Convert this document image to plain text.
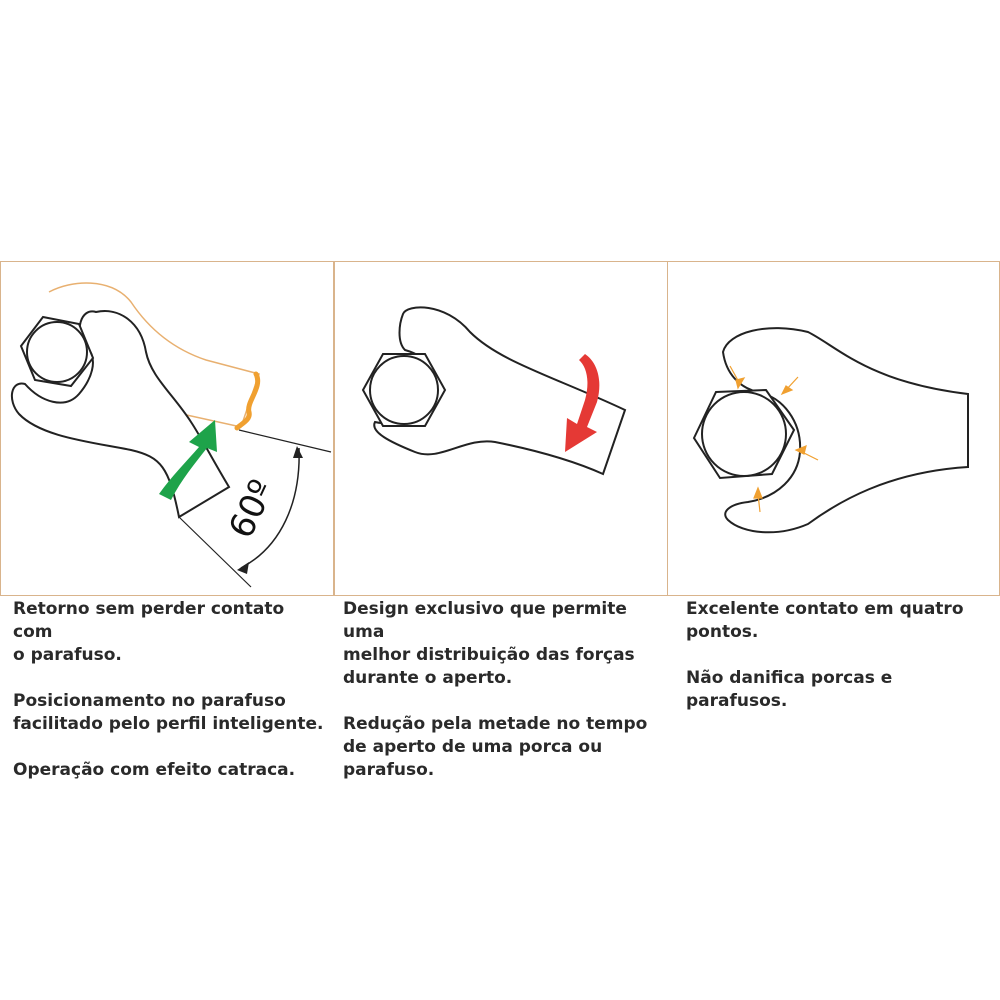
60º

Retorno sem perder contato com
o parafuso.

Posicionamento no parafuso
facilitado pelo perfil inteligente.

Operação com efeito catraca.

Design exclusivo que permite uma
melhor distribuição das forças
durante o aperto.

Redução pela metade no tempo
de aperto de uma porca ou
parafuso.

Excelente contato em quatro
pontos.

Não danifica porcas e parafusos.
